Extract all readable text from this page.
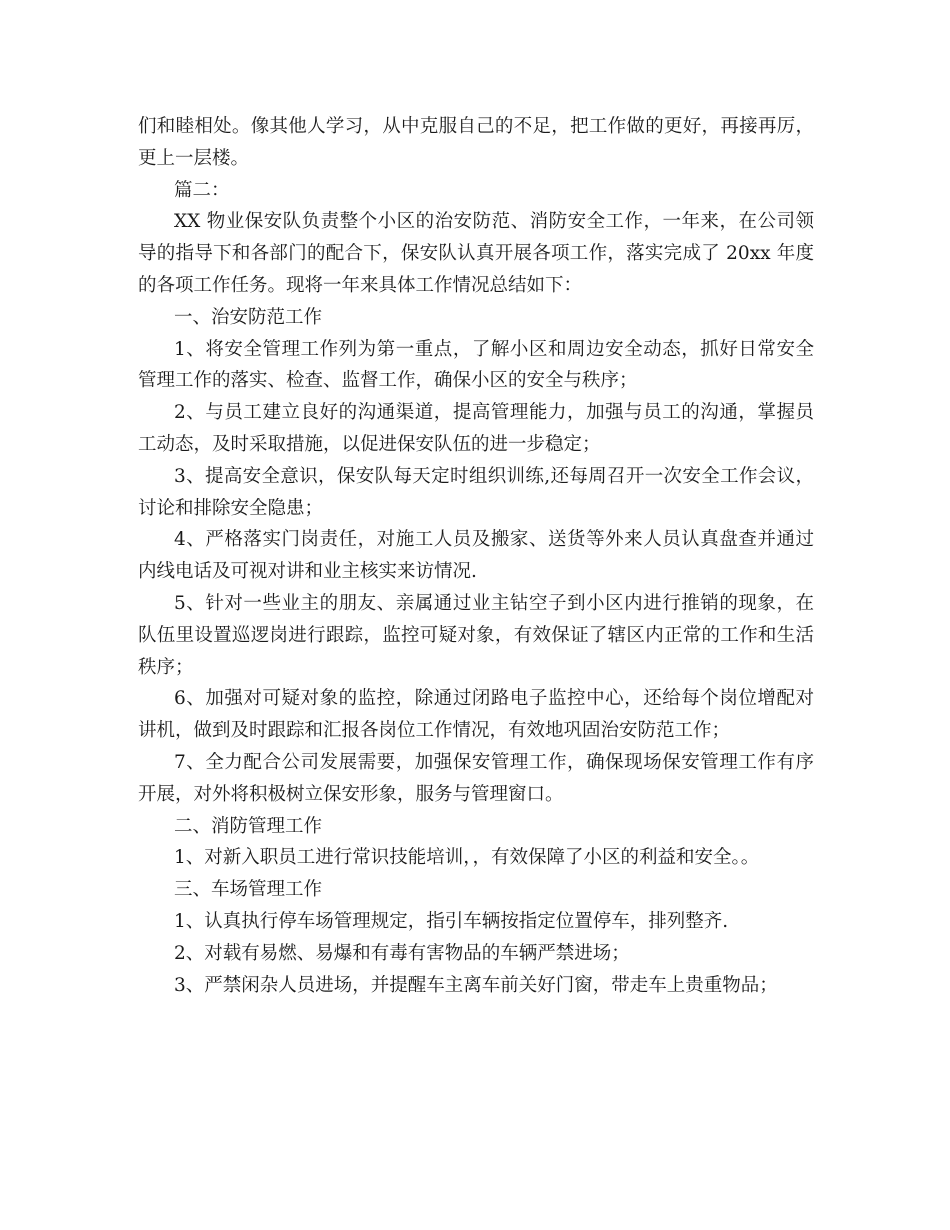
们和睦相处。像其他人学习，从中克服自己的不足，把工作做的更好，再接再厉，更上一层楼。

篇二：

XX 物业保安队负责整个小区的治安防范、消防安全工作，一年来，在公司领导的指导下和各部门的配合下，保安队认真开展各项工作，落实完成了 20xx 年度的各项工作任务。现将一年来具体工作情况总结如下：

一、治安防范工作

1、将安全管理工作列为第一重点，了解小区和周边安全动态，抓好日常安全管理工作的落实、检查、监督工作，确保小区的安全与秩序；

2、与员工建立良好的沟通渠道，提高管理能力，加强与员工的沟通，掌握员工动态，及时采取措施，以促进保安队伍的进一步稳定；

3、提高安全意识，保安队每天定时组织训练,还每周召开一次安全工作会议，讨论和排除安全隐患；

4、严格落实门岗责任，对施工人员及搬家、送货等外来人员认真盘查并通过内线电话及可视对讲和业主核实来访情况.

5、针对一些业主的朋友、亲属通过业主钻空子到小区内进行推销的现象，在队伍里设置巡逻岗进行跟踪，监控可疑对象，有效保证了辖区内正常的工作和生活秩序；

6、加强对可疑对象的监控，除通过闭路电子监控中心，还给每个岗位增配对讲机，做到及时跟踪和汇报各岗位工作情况，有效地巩固治安防范工作；

7、全力配合公司发展需要，加强保安管理工作，确保现场保安管理工作有序开展，对外将积极树立保安形象，服务与管理窗口。

二、消防管理工作

1、对新入职员工进行常识技能培训，，有效保障了小区的利益和安全。。

三、车场管理工作

1、认真执行停车场管理规定，指引车辆按指定位置停车，排列整齐.

2、对载有易燃、易爆和有毒有害物品的车辆严禁进场；

3、严禁闲杂人员进场，并提醒车主离车前关好门窗，带走车上贵重物品；
